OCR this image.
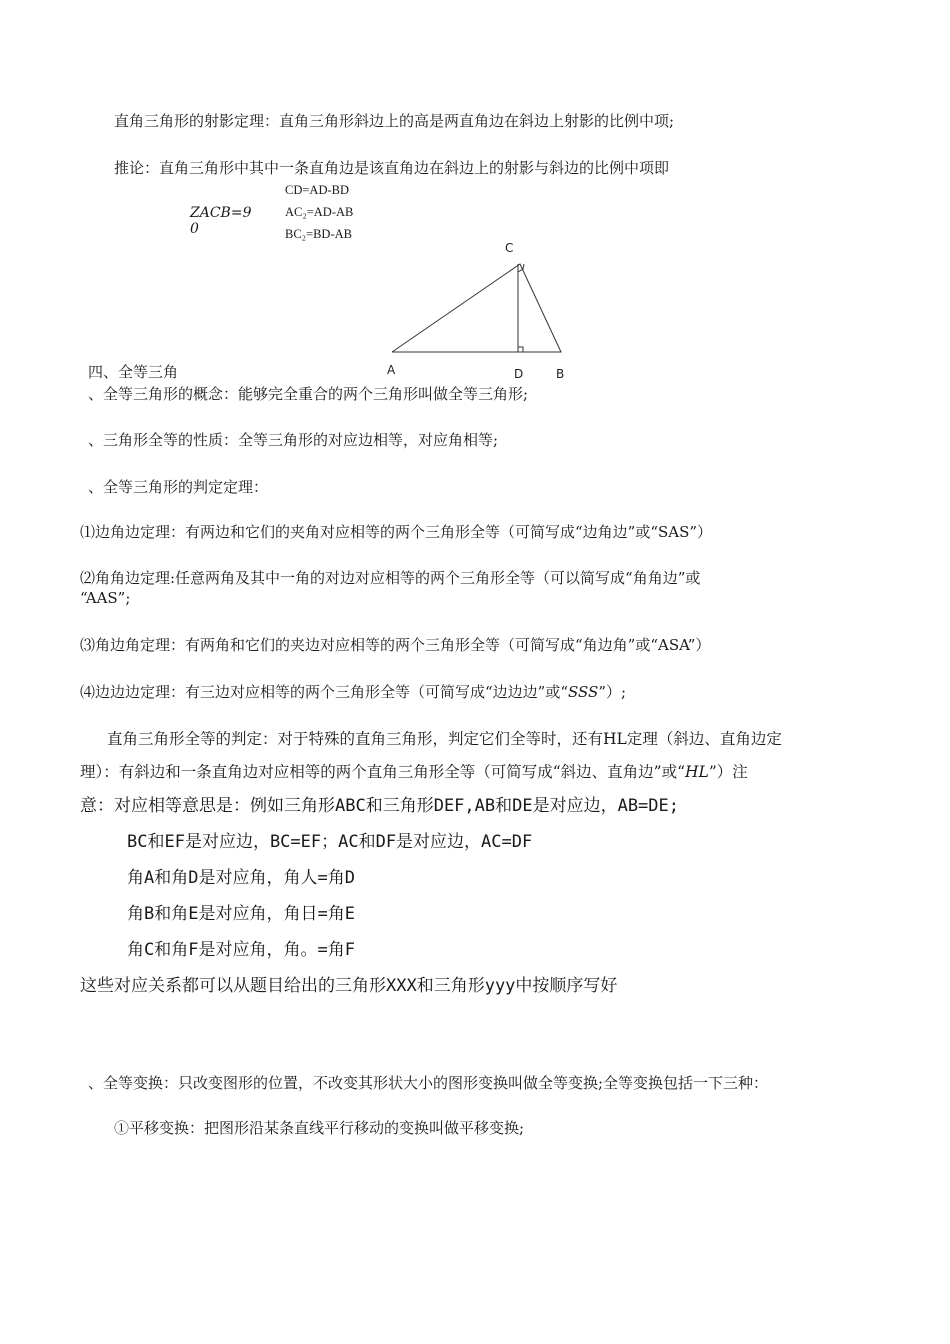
直角三角形的射影定理：直角三角形斜边上的高是两直角边在斜边上射影的比例中项;
推论：直角三角形中其中一条直角边是该直角边在斜边上的射影与斜边的比例中项即
ZACB=9
0
CD=AD-BD
AC₂=AD-AB
BC₂=BD-AB
C
A	D	B
四、全等三角
、全等三角形的概念：能够完全重合的两个三角形叫做全等三角形;
、三角形全等的性质：全等三角形的对应边相等，对应角相等;
、全等三角形的判定定理：
⑴边角边定理：有两边和它们的夹角对应相等的两个三角形全等（可简写成“边角边”或“SAS”）
⑵角角边定理:任意两角及其中一角的对边对应相等的两个三角形全等（可以简写成“角角边”或
“AAS”;
⑶角边角定理：有两角和它们的夹边对应相等的两个三角形全等（可简写成“角边角”或“ASA”）
⑷边边边定理：有三边对应相等的两个三角形全等（可简写成“边边边”或“SSS”）;
直角三角形全等的判定：对于特殊的直角三角形，判定它们全等时，还有HL定理（斜边、直角边定
理）：有斜边和一条直角边对应相等的两个直角三角形全等（可简写成“斜边、直角边”或“HL”）注
意：对应相等意思是：例如三角形ABC和三角形DEF,AB和DE是对应边，AB=DE;
BC和EF是对应边，BC=EF；AC和DF是对应边，AC=DF
角A和角D是对应角，角人=角D
角B和角E是对应角，角日=角E
角C和角F是对应角，角。=角F
这些对应关系都可以从题目给出的三角形XXX和三角形yyy中按顺序写好
、全等变换：只改变图形的位置，不改变其形状大小的图形变换叫做全等变换;全等变换包括一下三种：
①平移变换：把图形沿某条直线平行移动的变换叫做平移变换;
